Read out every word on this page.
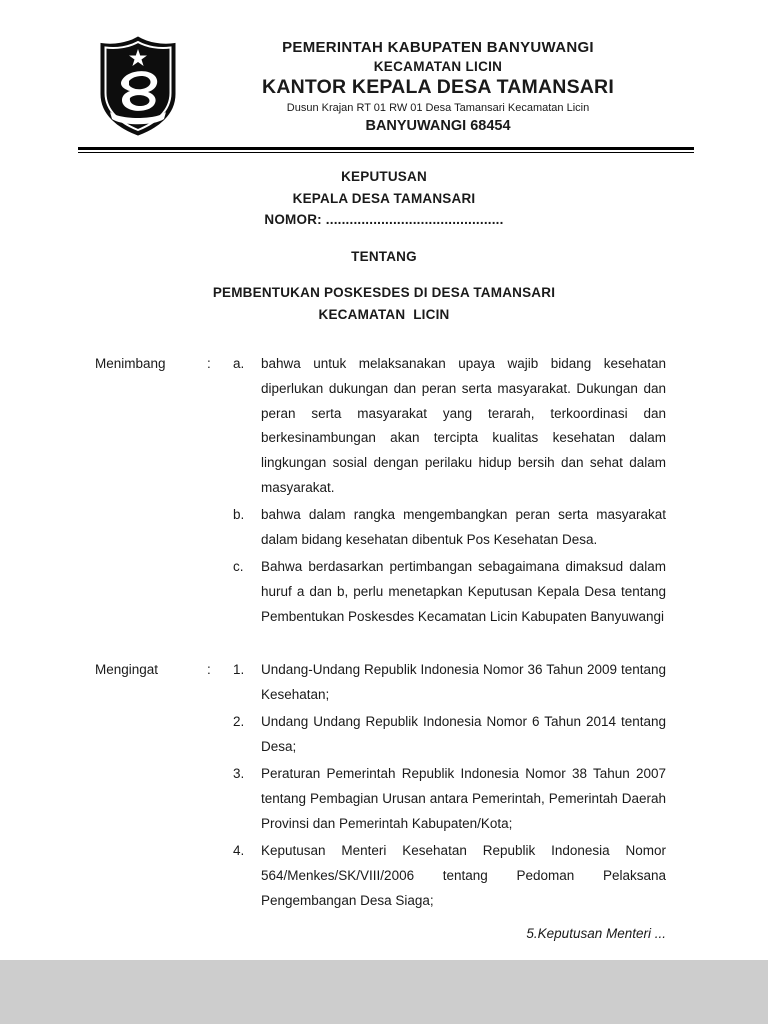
PEMERINTAH KABUPATEN BANYUWANGI
KECAMATAN LICIN
KANTOR KEPALA DESA TAMANSARI
Dusun Krajan RT 01 RW 01 Desa Tamansari Kecamatan Licin
BANYUWANGI 68454
KEPUTUSAN
KEPALA DESA TAMANSARI
NOMOR: .............................................
TENTANG
PEMBENTUKAN POSKESDES DI DESA TAMANSARI
KECAMATAN  LICIN
Menimbang	:	a.	bahwa untuk melaksanakan upaya wajib bidang kesehatan diperlukan dukungan dan peran serta masyarakat. Dukungan dan peran serta masyarakat yang terarah, terkoordinasi dan berkesinambungan akan tercipta kualitas kesehatan dalam lingkungan sosial dengan perilaku hidup bersih dan sehat dalam masyarakat.
b.	bahwa dalam rangka mengembangkan peran serta masyarakat dalam bidang kesehatan dibentuk Pos Kesehatan Desa.
c.	Bahwa berdasarkan pertimbangan sebagaimana dimaksud dalam huruf a dan b, perlu menetapkan Keputusan Kepala Desa tentang Pembentukan Poskesdes Kecamatan Licin Kabupaten Banyuwangi
Mengingat	:	1.	Undang-Undang Republik Indonesia Nomor 36 Tahun 2009 tentang Kesehatan;
2.	Undang Undang Republik Indonesia Nomor 6 Tahun 2014 tentang Desa;
3.	Peraturan Pemerintah Republik Indonesia Nomor 38 Tahun 2007 tentang Pembagian Urusan antara Pemerintah, Pemerintah Daerah Provinsi dan Pemerintah Kabupaten/Kota;
4.	Keputusan Menteri Kesehatan Republik Indonesia Nomor 564/Menkes/SK/VIII/2006 tentang Pedoman Pelaksana Pengembangan Desa Siaga;
5.Keputusan Menteri ...
